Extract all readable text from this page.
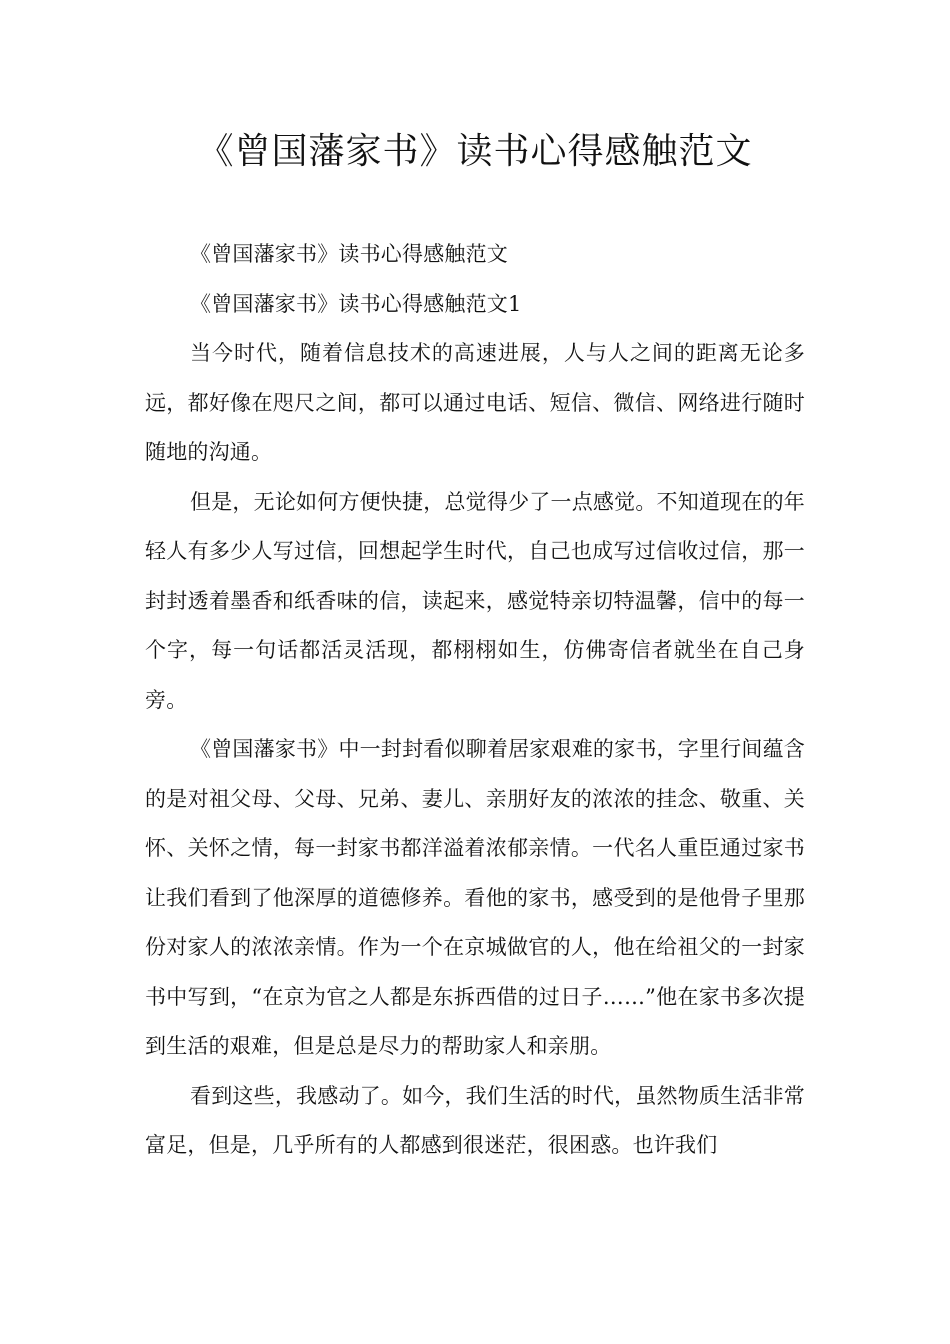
《曾国藩家书》读书心得感触范文

《曾国藩家书》读书心得感触范文

《曾国藩家书》读书心得感触范文1

当今时代，随着信息技术的高速进展，人与人之间的距离无论多远，都好像在咫尺之间，都可以通过电话、短信、微信、网络进行随时随地的沟通。

但是，无论如何方便快捷，总觉得少了一点感觉。不知道现在的年轻人有多少人写过信，回想起学生时代，自己也成写过信收过信，那一封封透着墨香和纸香味的信，读起来，感觉特亲切特温馨，信中的每一个字，每一句话都活灵活现，都栩栩如生，仿佛寄信者就坐在自己身旁。

《曾国藩家书》中一封封看似聊着居家艰难的家书，字里行间蕴含的是对祖父母、父母、兄弟、妻儿、亲朋好友的浓浓的挂念、敬重、关怀、关怀之情，每一封家书都洋溢着浓郁亲情。一代名人重臣通过家书让我们看到了他深厚的道德修养。看他的家书，感受到的是他骨子里那份对家人的浓浓亲情。作为一个在京城做官的人，他在给祖父的一封家书中写到，“在京为官之人都是东拆西借的过日子……”他在家书多次提到生活的艰难，但是总是尽力的帮助家人和亲朋。

看到这些，我感动了。如今，我们生活的时代，虽然物质生活非常富足，但是，几乎所有的人都感到很迷茫，很困惑。也许我们
